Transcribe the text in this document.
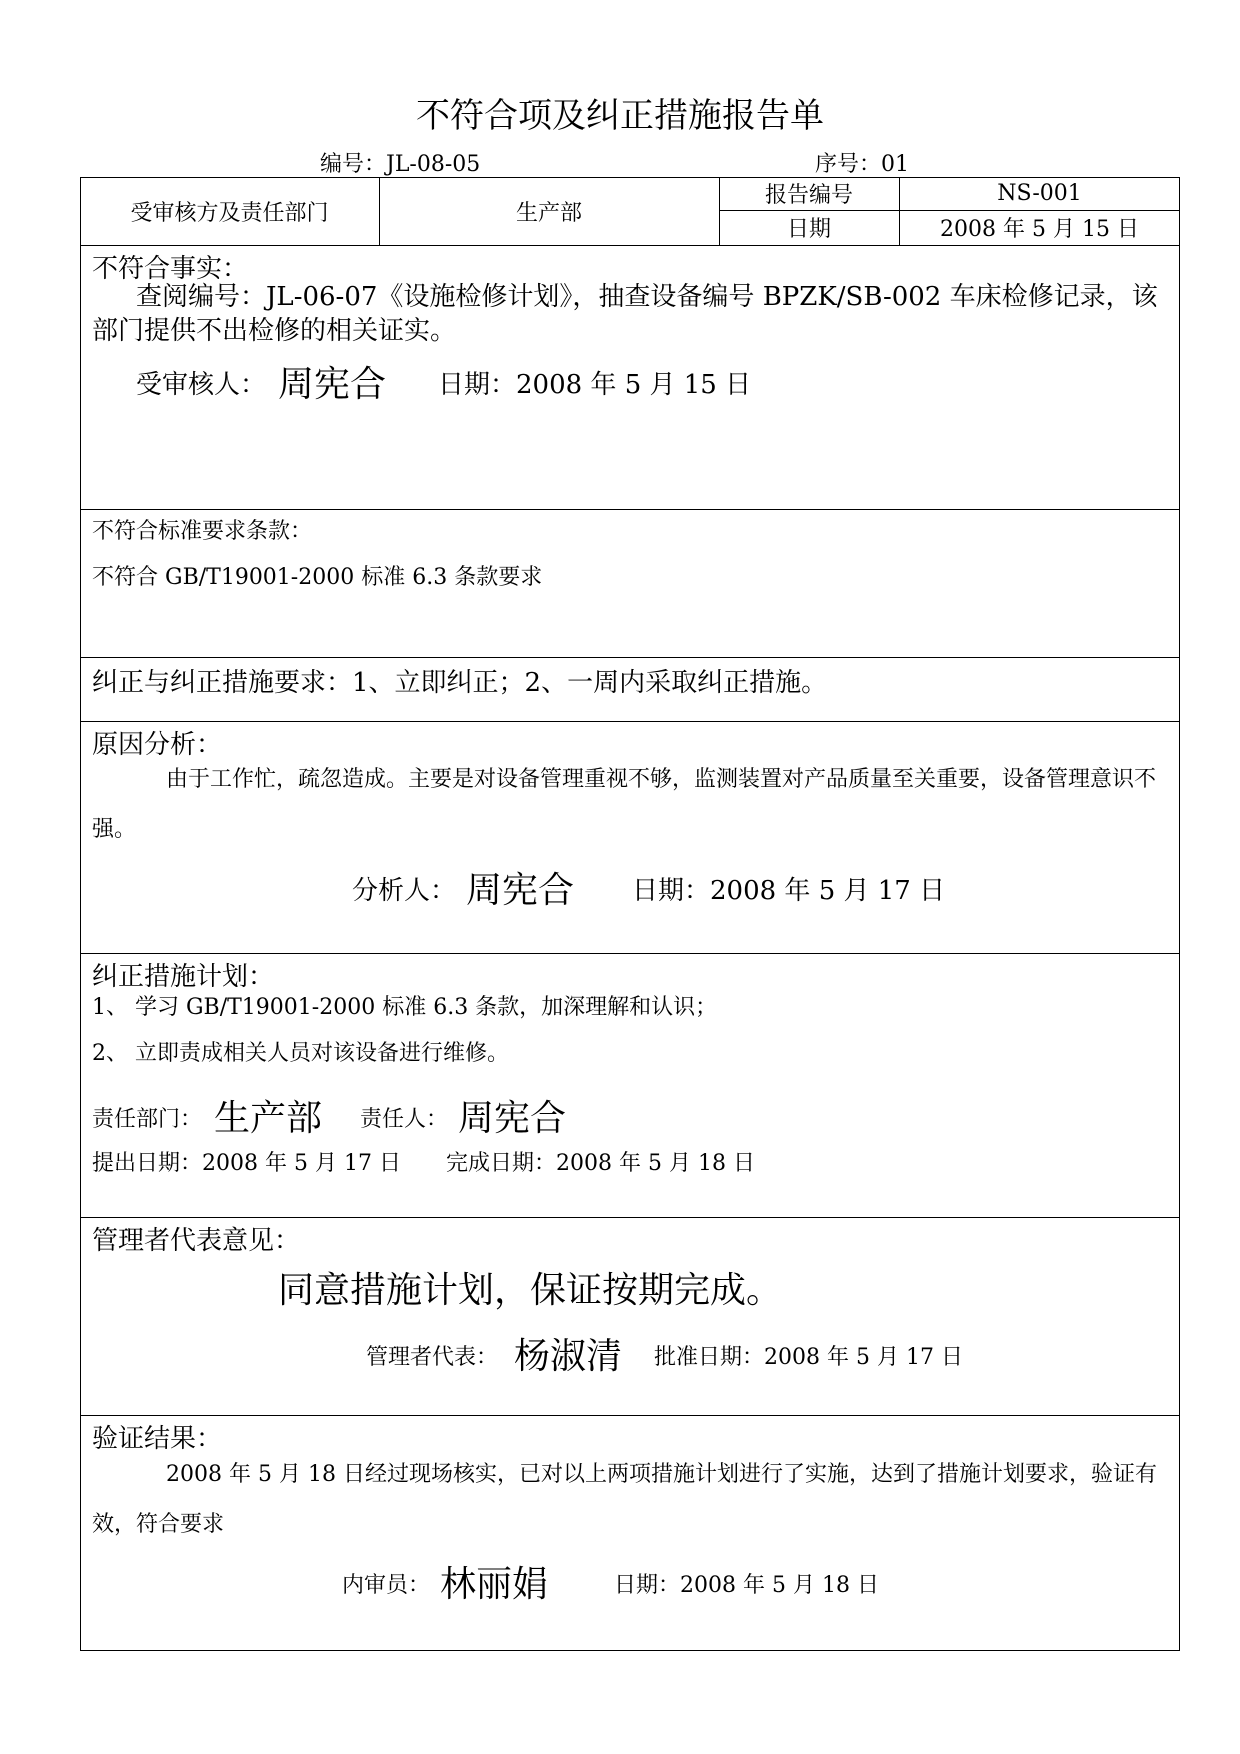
不符合项及纠正措施报告单
编号：JL-08-05	序号：01
受审核方及责任部门	生产部
报告编号	NS-001
日期	2008 年 5 月 15 日
不符合事实：
查阅编号：JL-06-07《设施检修计划》，抽查设备编号 BPZK/SB-002 车床检修记录，该部门提供不出检修的相关证实。
受审核人： 周宪合 日期：2008 年 5 月 15 日
不符合标准要求条款：
不符合 GB/T19001-2000 标准 6.3 条款要求
纠正与纠正措施要求：1、立即纠正；2、一周内采取纠正措施。
原因分析：
由于工作忙，疏忽造成。主要是对设备管理重视不够，监测装置对产品质量至关重要，设备管理意识不强。
分析人： 周宪合 日期：2008 年 5 月 17 日
纠正措施计划：
1、 学习 GB/T19001-2000 标准 6.3 条款，加深理解和认识；
2、 立即责成相关人员对该设备进行维修。
责任部门： 生产部 责任人： 周宪合
提出日期：2008 年 5 月 17 日 完成日期：2008 年 5 月 18 日
管理者代表意见：
同意措施计划，保证按期完成。
管理者代表： 杨淑清 批准日期：2008 年 5 月 17 日
验证结果：
2008 年 5 月 18 日经过现场核实，已对以上两项措施计划进行了实施，达到了措施计划要求，验证有效，符合要求
内审员： 林丽娟	日期：2008 年 5 月 18 日
